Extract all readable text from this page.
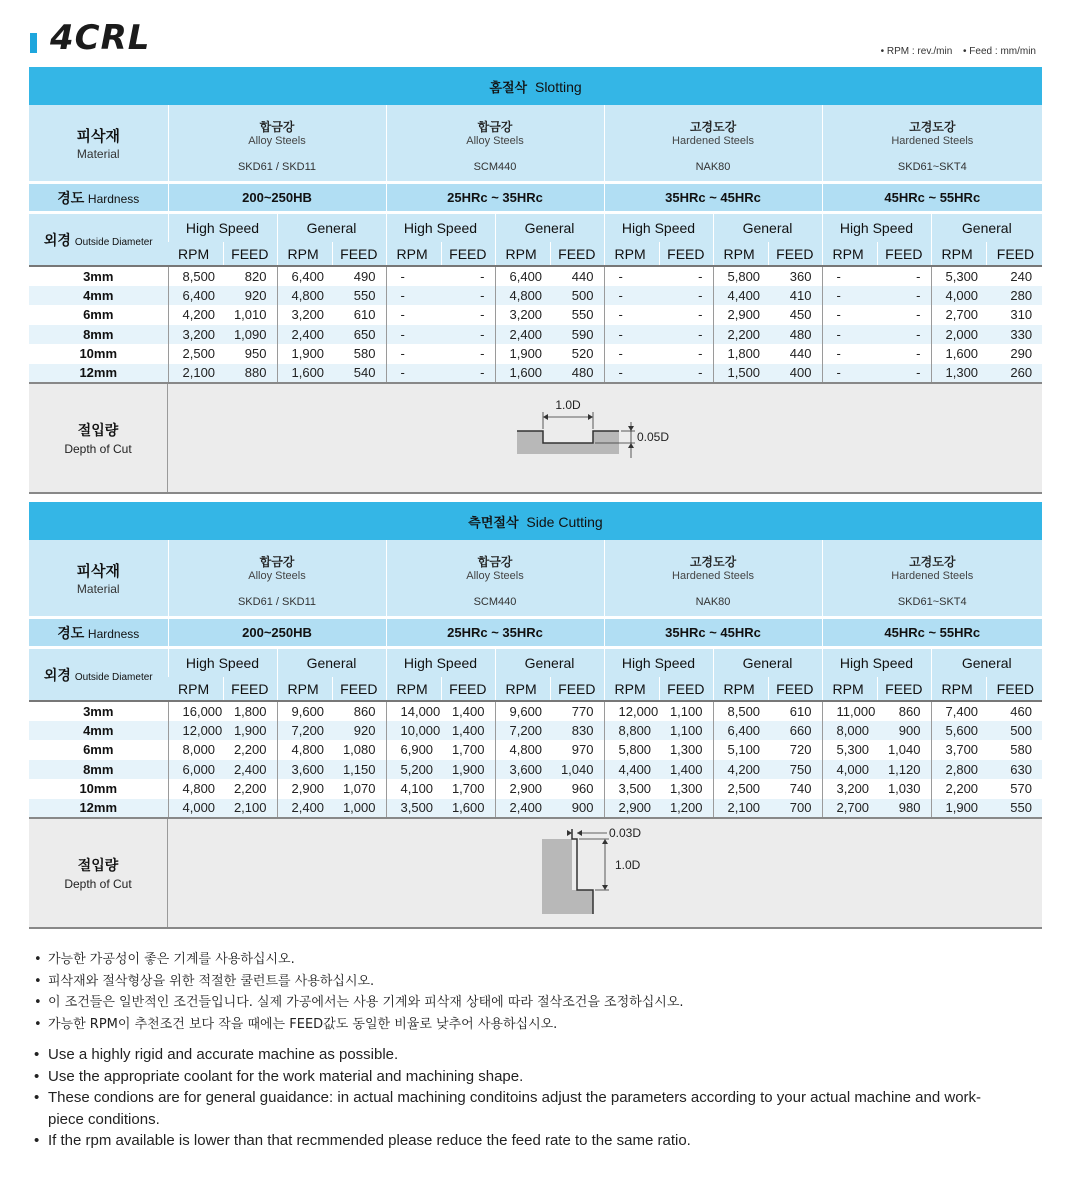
4CRL	• RPM : rev./min • Feed : mm/min
홈절삭 Slotting																

피삭재
Material	합금강
Alloy Steels
SKD61 / SKD11				합금강
Alloy Steels
SCM440				고경도강
Hardened Steels
NAK80				고경도강
Hardened Steels
SKD61~SKT4			

경도 Hardness	200~250HB				25HRc ~ 35HRc				35HRc ~ 45HRc				45HRc ~ 55HRc			

외경 Outside Diameter	High Speed		General		High Speed		General		High Speed		General		High Speed		General	
	RPM	FEED	RPM	FEED	RPM	FEED	RPM	FEED	RPM	FEED	RPM	FEED	RPM	FEED	RPM	FEED
3mm	8,500	820	6,400	490	-	-	6,400	440	-	-	5,800	360	-	-	5,300	240
4mm	6,400	920	4,800	550	-	-	4,800	500	-	-	4,400	410	-	-	4,000	280
6mm	4,200	1,010	3,200	610	-	-	3,200	550	-	-	2,900	450	-	-	2,700	310
8mm	3,200	1,090	2,400	650	-	-	2,400	590	-	-	2,200	480	-	-	2,000	330
10mm	2,500	950	1,900	580	-	-	1,900	520	-	-	1,800	440	-	-	1,600	290
12mm	2,100	880	1,600	540	-	-	1,600	480	-	-	1,500	400	-	-	1,300	260
절입량
Depth of Cut
1.0D
0.05D
측면절삭 Side Cutting																

피삭재
Material	합금강
Alloy Steels
SKD61 / SKD11				합금강
Alloy Steels
SCM440				고경도강
Hardened Steels
NAK80				고경도강
Hardened Steels
SKD61~SKT4			

경도 Hardness	200~250HB				25HRc ~ 35HRc				35HRc ~ 45HRc				45HRc ~ 55HRc			

외경 Outside Diameter	High Speed		General		High Speed		General		High Speed		General		High Speed		General	
	RPM	FEED	RPM	FEED	RPM	FEED	RPM	FEED	RPM	FEED	RPM	FEED	RPM	FEED	RPM	FEED
3mm	16,000	1,800	9,600	860	14,000	1,400	9,600	770	12,000	1,100	8,500	610	11,000	860	7,400	460
4mm	12,000	1,900	7,200	920	10,000	1,400	7,200	830	8,800	1,100	6,400	660	8,000	900	5,600	500
6mm	8,000	2,200	4,800	1,080	6,900	1,700	4,800	970	5,800	1,300	5,100	720	5,300	1,040	3,700	580
8mm	6,000	2,400	3,600	1,150	5,200	1,900	3,600	1,040	4,400	1,400	4,200	750	4,000	1,120	2,800	630
10mm	4,800	2,200	2,900	1,070	4,100	1,700	2,900	960	3,500	1,300	2,500	740	3,200	1,030	2,200	570
12mm	4,000	2,100	2,400	1,000	3,500	1,600	2,400	900	2,900	1,200	2,100	700	2,700	980	1,900	550
절입량
Depth of Cut
0.03D
1.0D
• 가능한 가공성이 좋은 기계를 사용하십시오.
• 피삭재와 절삭형상을 위한 적절한 쿨런트를 사용하십시오.
• 이 조건들은 일반적인 조건들입니다. 실제 가공에서는 사용 기계와 피삭재 상태에 따라 절삭조건을 조정하십시오.
• 가능한 RPM이 추천조건 보다 작을 때에는 FEED값도 동일한 비율로 낮추어 사용하십시오.
• Use a highly rigid and accurate machine as possible.
• Use the appropriate coolant for the work material and machining shape.
• These condions are for general guaidance: in actual machining conditoins adjust the parameters according to your actual machine and work-piece conditions.
• If the rpm available is lower than that recmmended please reduce the feed rate to the same ratio.
